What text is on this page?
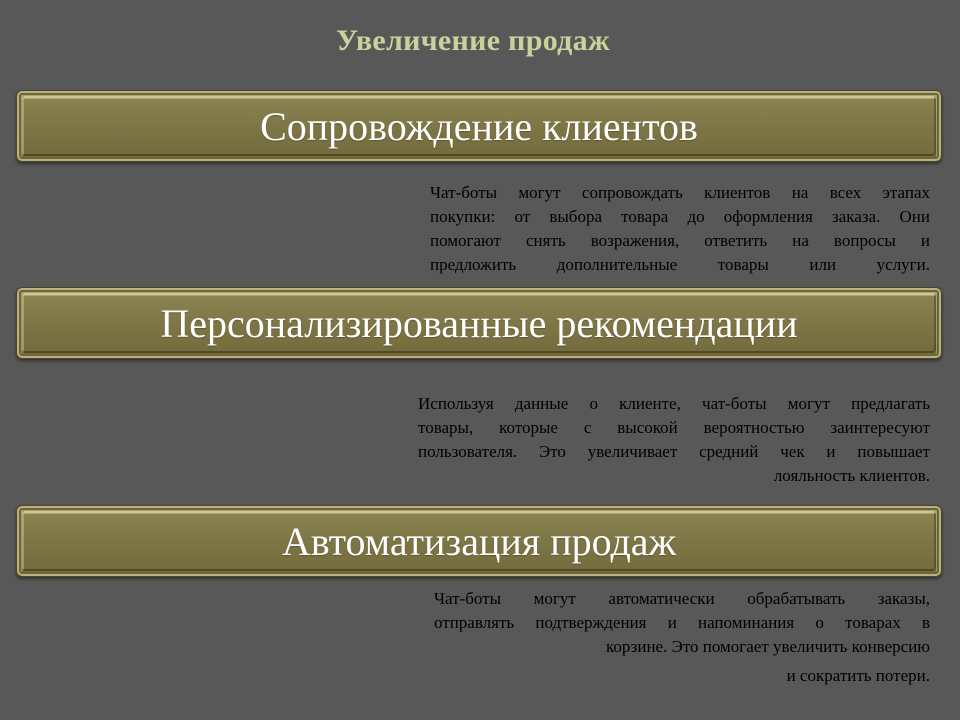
Увеличение продаж
Сопровождение клиентов
Чат-боты могут сопровождать клиентов на всех этапах
покупки: от выбора товара до оформления заказа. Они
помогают снять возражения, ответить на вопросы и
предложить дополнительные товары или услуги.
Персонализированные рекомендации
Используя данные о клиенте, чат-боты могут предлагать
товары, которые с высокой вероятностью заинтересуют
пользователя. Это увеличивает средний чек и повышает
лояльность клиентов.
Автоматизация продаж
Чат-боты могут автоматически обрабатывать заказы,
отправлять подтверждения и напоминания о товарах в
корзине. Это помогает увеличить конверсию
и сократить потери.
